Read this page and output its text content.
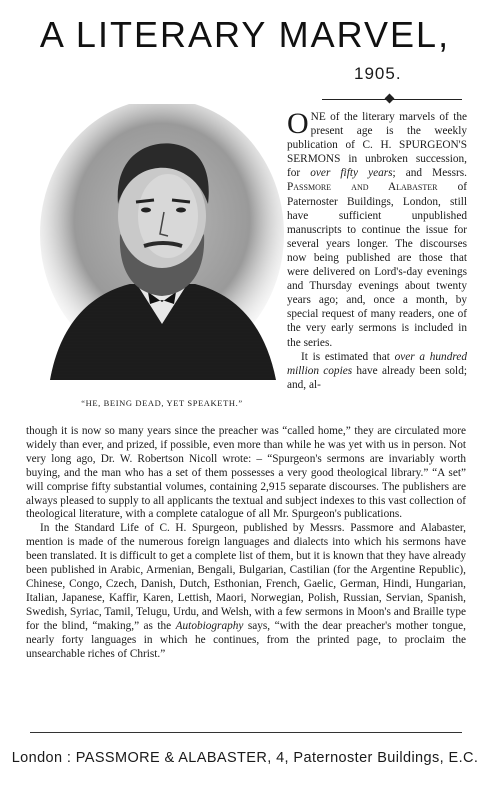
A LITERARY MARVEL,
1905.
“HE, BEING DEAD, YET SPEAKETH.”

ONE of the literary marvels of the present age is the weekly publication of C. H. SPURGEON'S SERMONS in unbroken succession, for over fifty years; and Messrs. Passmore and Alabaster of Paternoster Buildings, London, still have sufficient unpublished manuscripts to continue the issue for several years longer. The discourses now being published are those that were delivered on Lord's-day evenings and Thursday evenings about twenty years ago; and, once a month, by special request of many readers, one of the very early sermons is included in the series.

It is estimated that over a hundred million copies have already been sold; and, al-

though it is now so many years since the preacher was “called home,” they are circulated more widely than ever, and prized, if possible, even more than while he was yet with us in person. Not very long ago, Dr. W. Robertson Nicoll wrote: – “Spurgeon's sermons are invariably worth buying, and the man who has a set of them possesses a very good theological library.” “A set” will comprise fifty substantial volumes, containing 2,915 separate discourses. The publishers are always pleased to supply to all applicants the textual and subject indexes to this vast collection of theological literature, with a complete catalogue of all Mr. Spurgeon's publications.

In the Standard Life of C. H. Spurgeon, published by Messrs. Passmore and Alabaster, mention is made of the numerous foreign languages and dialects into which his sermons have been translated. It is difficult to get a complete list of them, but it is known that they have already been published in Arabic, Armenian, Bengali, Bulgarian, Castilian (for the Argentine Republic), Chinese, Congo, Czech, Danish, Dutch, Esthonian, French, Gaelic, German, Hindi, Hungarian, Italian, Japanese, Kaffir, Karen, Lettish, Maori, Norwegian, Polish, Russian, Servian, Spanish, Swedish, Syriac, Tamil, Telugu, Urdu, and Welsh, with a few sermons in Moon's and Braille type for the blind, “making,” as the Autobiography says, “with the dear preacher's mother tongue, nearly forty languages in which he continues, from the printed page, to proclaim the unsearchable riches of Christ.”

London : PASSMORE & ALABASTER, 4, Paternoster Buildings, E.C.
